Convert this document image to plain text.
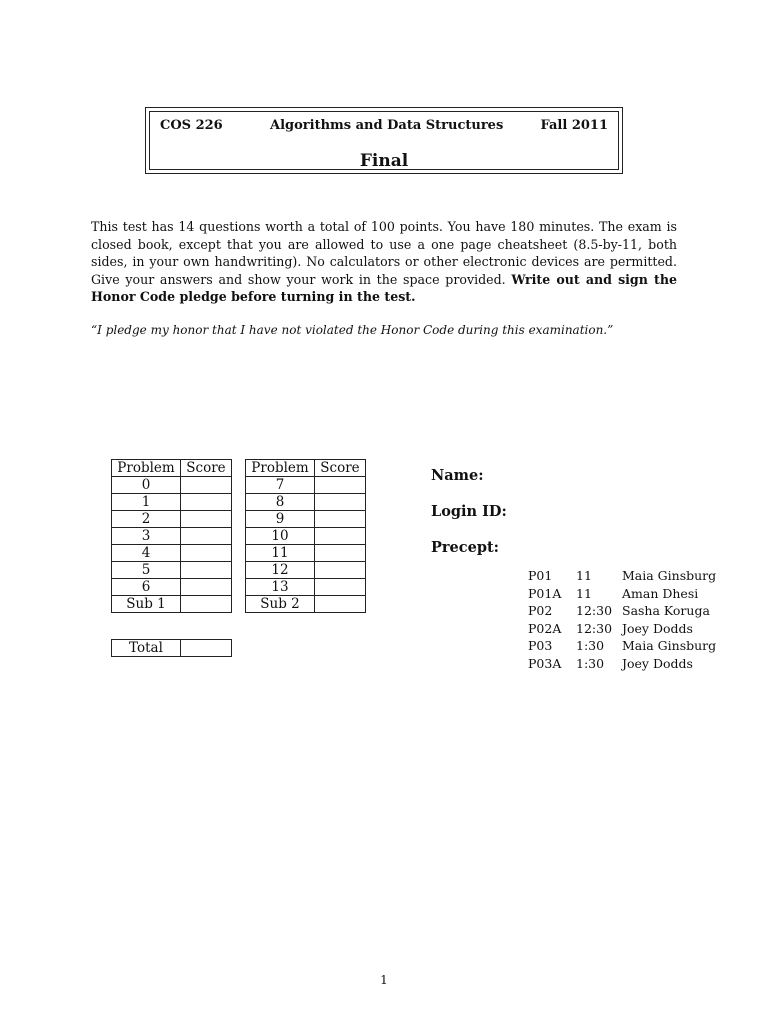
COS 226	Algorithms and Data Structures	Fall 2011
Final
This test has 14 questions worth a total of 100 points. You have 180 minutes. The exam is closed book, except that you are allowed to use a one page cheatsheet (8.5-by-11, both sides, in your own handwriting). No calculators or other electronic devices are permitted. Give your answers and show your work in the space provided. Write out and sign the Honor Code pledge before turning in the test.
“I pledge my honor that I have not violated the Honor Code during this examination.”
Problem	Score
0	
1	
2	
3	
4	
5	
6	
Sub 1	
Problem	Score
7	
8	
9	
10	
11	
12	
13	
Sub 2	
Total	
Name:
Login ID:
Precept:
P01 11 Maia Ginsburg
P01A 11 Aman Dhesi
P02 12:30 Sasha Koruga
P02A 12:30 Joey Dodds
P03 1:30 Maia Ginsburg
P03A 1:30 Joey Dodds
1
